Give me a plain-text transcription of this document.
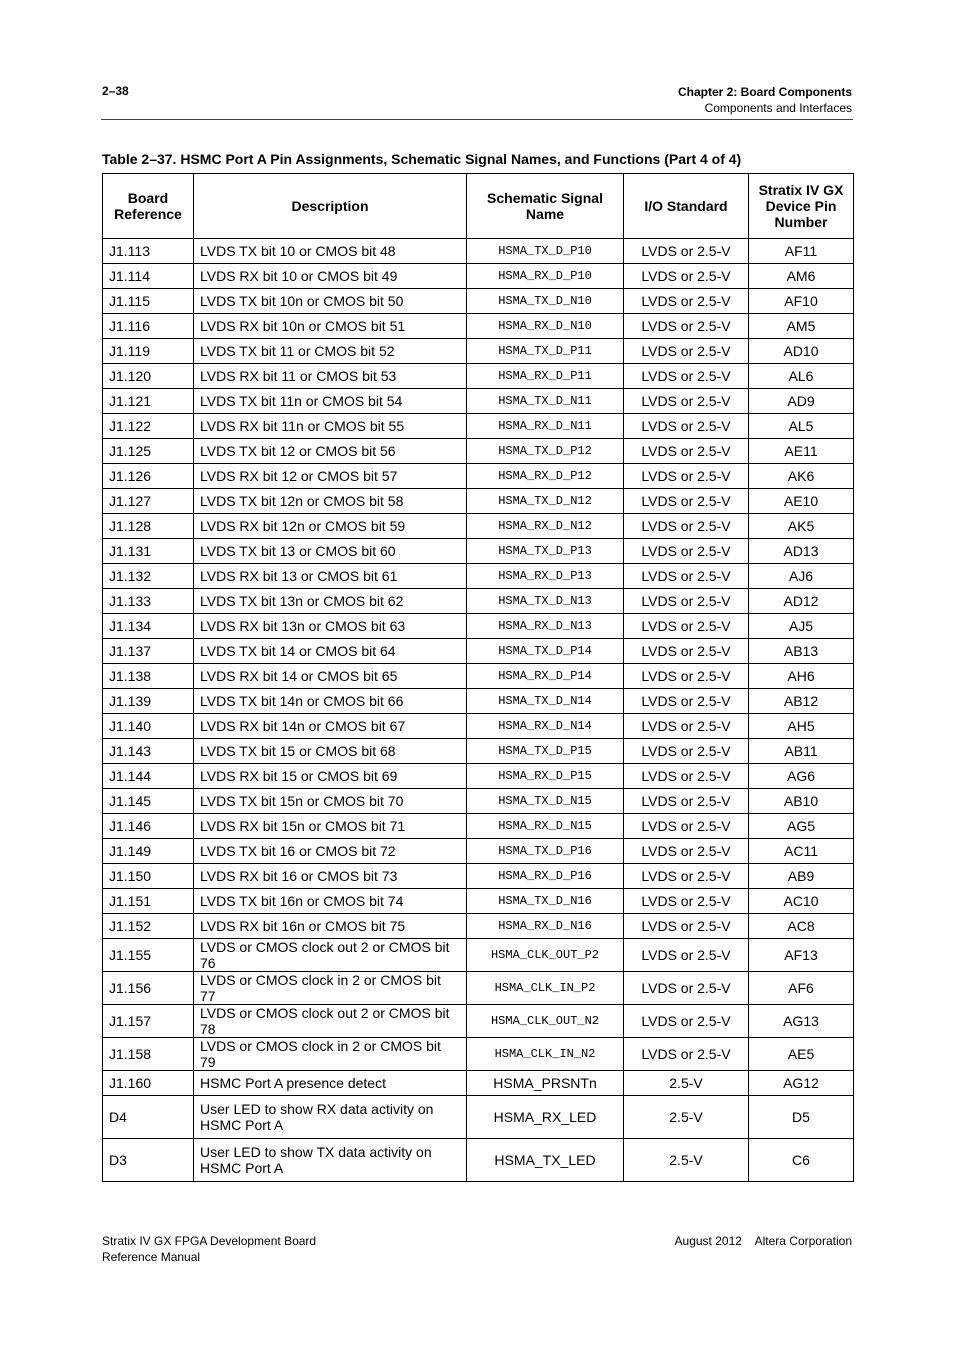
2–38	Chapter 2: Board Components
Components and Interfaces
Table 2–37. HSMC Port A Pin Assignments, Schematic Signal Names, and Functions (Part 4 of 4)
Board Reference	Description	Schematic Signal Name	I/O Standard	Stratix IV GX Device Pin Number
J1.113	LVDS TX bit 10 or CMOS bit 48	HSMA_TX_D_P10	LVDS or 2.5-V	AF11
J1.114	LVDS RX bit 10 or CMOS bit 49	HSMA_RX_D_P10	LVDS or 2.5-V	AM6
J1.115	LVDS TX bit 10n or CMOS bit 50	HSMA_TX_D_N10	LVDS or 2.5-V	AF10
J1.116	LVDS RX bit 10n or CMOS bit 51	HSMA_RX_D_N10	LVDS or 2.5-V	AM5
J1.119	LVDS TX bit 11 or CMOS bit 52	HSMA_TX_D_P11	LVDS or 2.5-V	AD10
J1.120	LVDS RX bit 11 or CMOS bit 53	HSMA_RX_D_P11	LVDS or 2.5-V	AL6
J1.121	LVDS TX bit 11n or CMOS bit 54	HSMA_TX_D_N11	LVDS or 2.5-V	AD9
J1.122	LVDS RX bit 11n or CMOS bit 55	HSMA_RX_D_N11	LVDS or 2.5-V	AL5
J1.125	LVDS TX bit 12 or CMOS bit 56	HSMA_TX_D_P12	LVDS or 2.5-V	AE11
J1.126	LVDS RX bit 12 or CMOS bit 57	HSMA_RX_D_P12	LVDS or 2.5-V	AK6
J1.127	LVDS TX bit 12n or CMOS bit 58	HSMA_TX_D_N12	LVDS or 2.5-V	AE10
J1.128	LVDS RX bit 12n or CMOS bit 59	HSMA_RX_D_N12	LVDS or 2.5-V	AK5
J1.131	LVDS TX bit 13 or CMOS bit 60	HSMA_TX_D_P13	LVDS or 2.5-V	AD13
J1.132	LVDS RX bit 13 or CMOS bit 61	HSMA_RX_D_P13	LVDS or 2.5-V	AJ6
J1.133	LVDS TX bit 13n or CMOS bit 62	HSMA_TX_D_N13	LVDS or 2.5-V	AD12
J1.134	LVDS RX bit 13n or CMOS bit 63	HSMA_RX_D_N13	LVDS or 2.5-V	AJ5
J1.137	LVDS TX bit 14 or CMOS bit 64	HSMA_TX_D_P14	LVDS or 2.5-V	AB13
J1.138	LVDS RX bit 14 or CMOS bit 65	HSMA_RX_D_P14	LVDS or 2.5-V	AH6
J1.139	LVDS TX bit 14n or CMOS bit 66	HSMA_TX_D_N14	LVDS or 2.5-V	AB12
J1.140	LVDS RX bit 14n or CMOS bit 67	HSMA_RX_D_N14	LVDS or 2.5-V	AH5
J1.143	LVDS TX bit 15 or CMOS bit 68	HSMA_TX_D_P15	LVDS or 2.5-V	AB11
J1.144	LVDS RX bit 15 or CMOS bit 69	HSMA_RX_D_P15	LVDS or 2.5-V	AG6
J1.145	LVDS TX bit 15n or CMOS bit 70	HSMA_TX_D_N15	LVDS or 2.5-V	AB10
J1.146	LVDS RX bit 15n or CMOS bit 71	HSMA_RX_D_N15	LVDS or 2.5-V	AG5
J1.149	LVDS TX bit 16 or CMOS bit 72	HSMA_TX_D_P16	LVDS or 2.5-V	AC11
J1.150	LVDS RX bit 16 or CMOS bit 73	HSMA_RX_D_P16	LVDS or 2.5-V	AB9
J1.151	LVDS TX bit 16n or CMOS bit 74	HSMA_TX_D_N16	LVDS or 2.5-V	AC10
J1.152	LVDS RX bit 16n or CMOS bit 75	HSMA_RX_D_N16	LVDS or 2.5-V	AC8
J1.155	LVDS or CMOS clock out 2 or CMOS bit 76	HSMA_CLK_OUT_P2	LVDS or 2.5-V	AF13
J1.156	LVDS or CMOS clock in 2 or CMOS bit 77	HSMA_CLK_IN_P2	LVDS or 2.5-V	AF6
J1.157	LVDS or CMOS clock out 2 or CMOS bit 78	HSMA_CLK_OUT_N2	LVDS or 2.5-V	AG13
J1.158	LVDS or CMOS clock in 2 or CMOS bit 79	HSMA_CLK_IN_N2	LVDS or 2.5-V	AE5
J1.160	HSMC Port A presence detect	HSMA_PRSNTn	2.5-V	AG12
D4	User LED to show RX data activity on HSMC Port A	HSMA_RX_LED	2.5-V	D5
D3	User LED to show TX data activity on HSMC Port A	HSMA_TX_LED	2.5-V	C6
Stratix IV GX FPGA Development Board
Reference Manual
August 2012 Altera Corporation
